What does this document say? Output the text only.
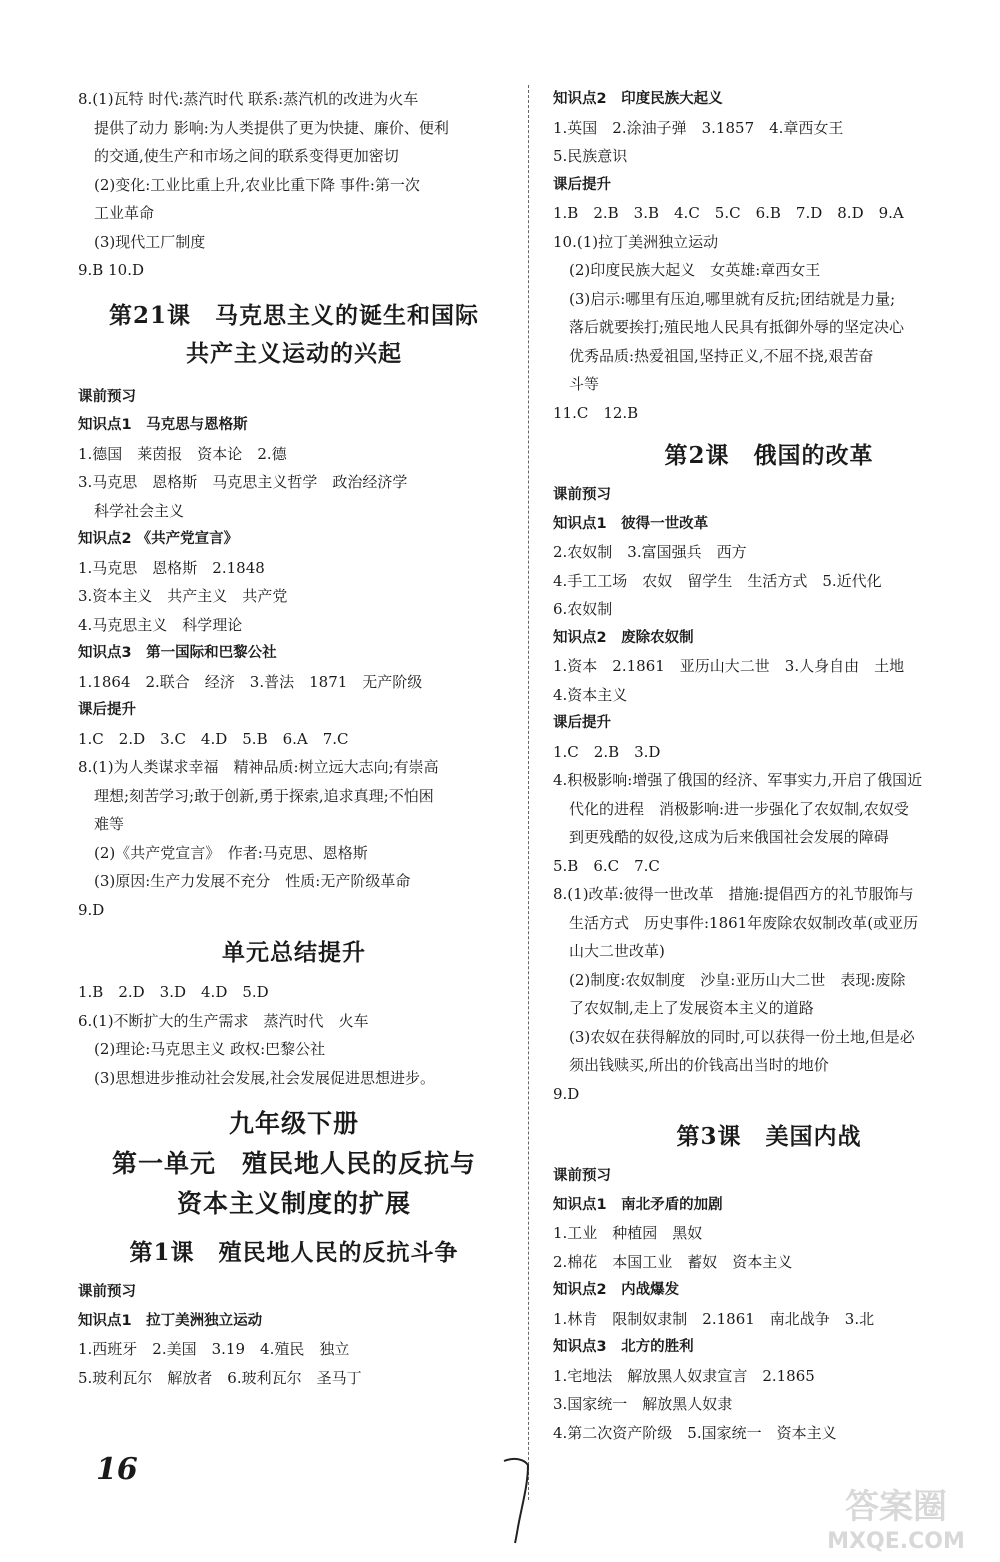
8.(1)瓦特 时代:蒸汽时代 联系:蒸汽机的改进为火车
提供了动力 影响:为人类提供了更为快捷、廉价、便利
的交通,使生产和市场之间的联系变得更加密切
(2)变化:工业比重上升,农业比重下降 事件:第一次
工业革命
(3)现代工厂制度
9.B 10.D
第21课　马克思主义的诞生和国际
共产主义运动的兴起
课前预习
知识点1　马克思与恩格斯
1.德国　莱茵报　资本论　2.德
3.马克思　恩格斯　马克思主义哲学　政治经济学
科学社会主义
知识点2 《共产党宣言》
1.马克思　恩格斯　2.1848
3.资本主义　共产主义　共产党
4.马克思主义　科学理论
知识点3　第一国际和巴黎公社
1.1864　2.联合　经济　3.普法　1871　无产阶级
课后提升
1.C　2.D　3.C　4.D　5.B　6.A　7.C
8.(1)为人类谋求幸福　精神品质:树立远大志向;有崇高
理想;刻苦学习;敢于创新,勇于探索,追求真理;不怕困
难等
(2)《共产党宣言》　作者:马克思、恩格斯
(3)原因:生产力发展不充分　性质:无产阶级革命
9.D
单元总结提升
1.B　2.D　3.D　4.D　5.D
6.(1)不断扩大的生产需求　蒸汽时代　火车
(2)理论:马克思主义 政权:巴黎公社
(3)思想进步推动社会发展,社会发展促进思想进步。
九年级下册
第一单元　殖民地人民的反抗与
资本主义制度的扩展
第1课　殖民地人民的反抗斗争
课前预习
知识点1　拉丁美洲独立运动
1.西班牙　2.美国　3.19　4.殖民　独立
5.玻利瓦尔　解放者　6.玻利瓦尔　圣马丁
知识点2　印度民族大起义
1.英国　2.涂油子弹　3.1857　4.章西女王
5.民族意识
课后提升
1.B　2.B　3.B　4.C　5.C　6.B　7.D　8.D　9.A
10.(1)拉丁美洲独立运动
(2)印度民族大起义　女英雄:章西女王
(3)启示:哪里有压迫,哪里就有反抗;团结就是力量;
落后就要挨打;殖民地人民具有抵御外辱的坚定决心
优秀品质:热爱祖国,坚持正义,不屈不挠,艰苦奋
斗等
11.C　12.B
第2课　俄国的改革
课前预习
知识点1　彼得一世改革
2.农奴制　3.富国强兵　西方
4.手工工场　农奴　留学生　生活方式　5.近代化
6.农奴制
知识点2　废除农奴制
1.资本　2.1861　亚历山大二世　3.人身自由　土地
4.资本主义
课后提升
1.C　2.B　3.D
4.积极影响:增强了俄国的经济、军事实力,开启了俄国近
代化的进程　消极影响:进一步强化了农奴制,农奴受
到更残酷的奴役,这成为后来俄国社会发展的障碍
5.B　6.C　7.C
8.(1)改革:彼得一世改革　措施:提倡西方的礼节服饰与
生活方式　历史事件:1861年废除农奴制改革(或亚历
山大二世改革)
(2)制度:农奴制度　沙皇:亚历山大二世　表现:废除
了农奴制,走上了发展资本主义的道路
(3)农奴在获得解放的同时,可以获得一份土地,但是必
须出钱赎买,所出的价钱高出当时的地价
9.D
第3课　美国内战
课前预习
知识点1　南北矛盾的加剧
1.工业　种植园　黑奴
2.棉花　本国工业　蓄奴　资本主义
知识点2　内战爆发
1.林肯　限制奴隶制　2.1861　南北战争　3.北
知识点3　北方的胜利
1.宅地法　解放黑人奴隶宣言　2.1865
3.国家统一　解放黑人奴隶
4.第二次资产阶级　5.国家统一　资本主义
16
答案圈
MXQE.COM
